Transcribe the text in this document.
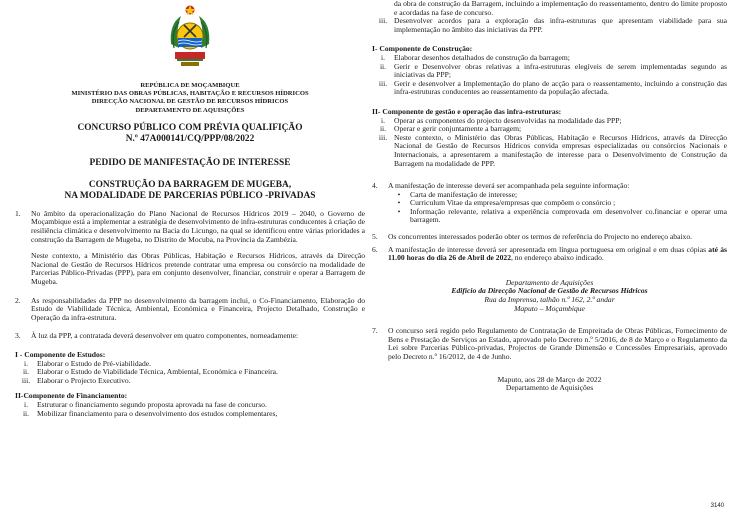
REPÚBLICA DE MOÇAMBIQUE
MINISTÉRIO DAS OBRAS PÚBLICAS, HABITAÇÃO E RECURSOS HÍDRICOS
DIRECÇÃO NACIONAL DE GESTÃO DE RECURSOS HÍDRICOS
DEPARTAMENTO DE AQUISIÇÕES
CONCURSO PÚBLICO COM PRÉVIA QUALIFIÇÃO
N.º 47A000141/CQ/PPP/08/2022
PEDIDO DE MANIFESTAÇÃO DE INTERESSE
CONSTRUÇÃO DA BARRAGEM DE MUGEBA,
NA MODALIDADE DE PARCERIAS PÚBLICO -PRIVADAS
1.	No âmbito da operacionalização do Plano Nacional de Recursos Hídricos 2019 – 2040, o Governo de Moçambique está a implementar a estratégia de desenvolvimento de infra-estruturas conducentes à criação de resiliência climática e desenvolvimento na Bacia do Licungo, na qual se identificou entre várias prioridades a construção da Barragem de Mugeba, no Distrito de Mocuba, na Província da Zambézia.
Neste contexto, a Ministério das Obras Públicas, Habitação e Recursos Hídricos, através da Direcção Nacional de Gestão de Recursos Hídricos pretende contratar uma empresa ou consórcio na modalidade de Parcerias Público-Privadas (PPP), para em conjunto desenvolver, financiar, construir e operar a Barragem de Mugeba.
2.	As responsabilidades da PPP no desenvolvimento da barragem inclui, o Co-Financiamento, Elaboração do Estudo de Viabilidade Técnica, Ambiental, Económica e Financeira, Projecto Detalhado, Construção e Operação da infra-estrutura.
3.	À luz da PPP, a contratada deverá desenvolver em quatro componentes, nomeadamente:
I - Componente de Estudos:
i.	Elaborar o Estudo de Pré-viabilidade.
ii.	Elaborar o Estudo de Viabilidade Técnica, Ambiental, Económica e Financeira.
iii. Elaborar o Projecto Executivo.
II-Componente de Financiamento:
i.	Estruturar o financiamento segundo proposta aprovada na fase de concurso.
ii.	Mobilizar financiamento para o desenvolvimento dos estudos complementares,
da obra de construção da Barragem, incluindo a implementação do reassentamento, dentro do limite proposto e acordadas na fase de concurso.
iii. Desenvolver acordos para a exploração das infra-estruturas que apresentam viabilidade para sua implementação no âmbito das iniciativas da PPP.
I- Componente de Construção:
i.	Elaborar desenhos detalhados de construção da barragem;
ii.	Gerir e Desenvolver obras relativas a infra-estruturas elegíveis de serem implementadas segundo as iniciativas da PPP;
iii. Gerir e desenvolver a Implementação do plano de acção para o reassentamento, incluindo a construção das infra-estruturas conducentes ao reassentamento da população afectada.
II- Componente de gestão e operação das infra-estruturas:
i.	Operar as componentes do projecto desenvolvidas na modalidade das PPP;
ii.	Operar e gerir conjuntamente a barragem;
iii. Neste contexto, o Ministério das Obras Públicas, Habitação e Recursos Hídricos, através da Direcção Nacional de Gestão de Recursos Hídricos convida empresas especializadas ou consórcios Nacionais e Internacionais, a apresentarem a manifestação de interesse para o Desenvolvimento de Construção da Barragem na modalidade de PPP.
4.	A manifestação de interesse deverá ser acompanhada pela seguinte informação:
•	Carta de manifestação de interesse;
•	Curriculum Vitae da empresa/empresas que compõem o consórcio ;
•	Informação relevante, relativa a experiência comprovada em desenvolver co.financiar e operar uma barragem.
5.	Os concorrentes interessados poderão obter os termos de referência do Projecto no endereço abaixo.
6.	A manifestação de interesse deverá ser apresentada em língua portuguesa em original e em duas cópias até às 11.00 horas do dia 26 de Abril de 2022, no endereço abaixo indicado.
Departamento de Aquisições
Edifício da Direcção Nacional de Gestão de Recursos Hídricos
Rua da Imprensa, talhão n.º 162, 2.º andar
Maputo – Moçambique
7.	O concurso será regido pelo Regulamento de Contratação de Empreitada de Obras Públicas, Fornecimento de Bens e Prestação de Serviços ao Estado, aprovado pelo Decreto n.º 5/2016, de 8 de Março e o Regulamento da Lei sobre Parcerias Público-privadas, Projectos de Grande Dimensão e Concessões Empresariais, aprovado pelo Decreto n.º 16/2012, de 4 de Junho.
Maputo, aos 28 de Março de 2022
Departamento de Aquisições
3140
